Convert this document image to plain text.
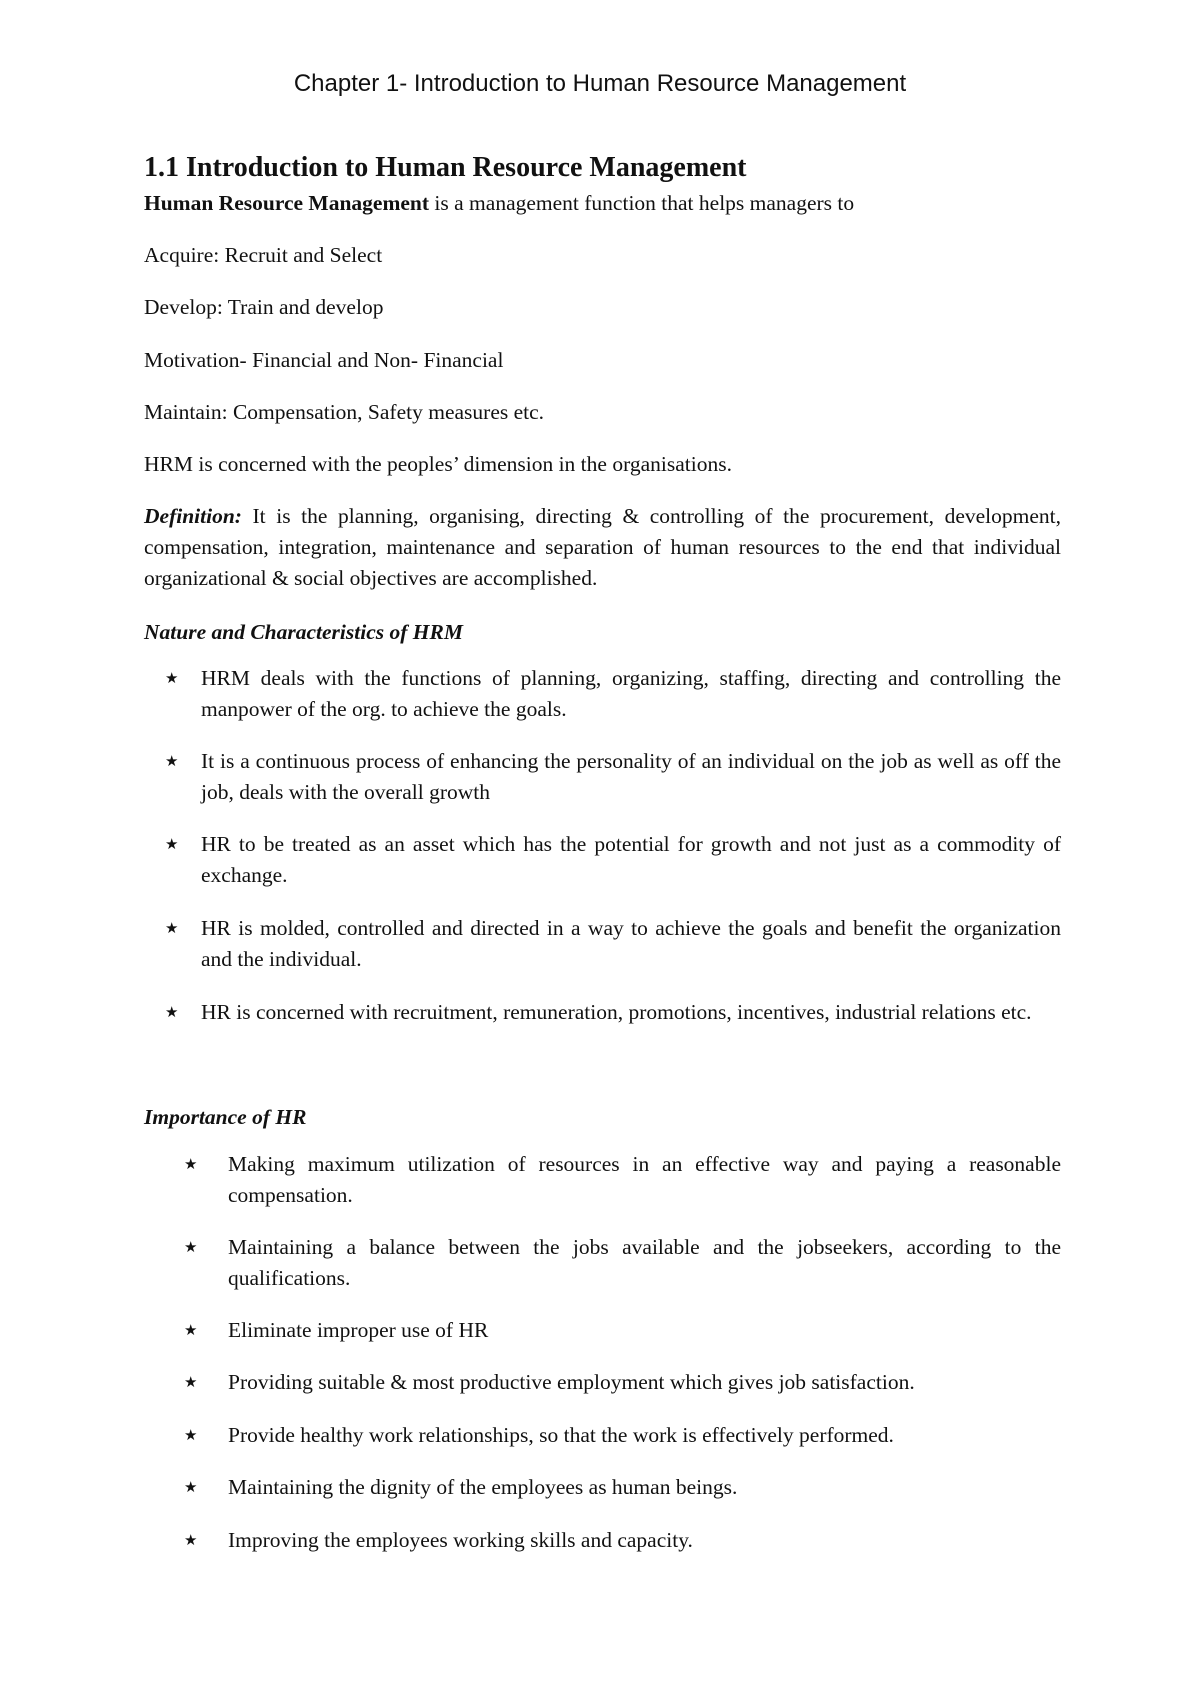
Chapter 1- Introduction to Human Resource Management
1.1 Introduction to Human Resource Management
Human Resource Management is a management function that helps managers to
Acquire: Recruit and Select
Develop: Train and develop
Motivation- Financial and Non- Financial
Maintain: Compensation, Safety measures etc.
HRM is concerned with the peoples’ dimension in the organisations.
Definition: It is the planning, organising, directing & controlling of the procurement, development, compensation, integration, maintenance and separation of human resources to the end that individual organizational & social objectives are accomplished.
Nature and Characteristics of HRM
★	HRM deals with the functions of planning, organizing, staffing, directing and controlling the manpower of the org. to achieve the goals.
★	It is a continuous process of enhancing the personality of an individual on the job as well as off the job, deals with the overall growth
★	HR to be treated as an asset which has the potential for growth and not just as a commodity of exchange.
★	HR is molded, controlled and directed in a way to achieve the goals and benefit the organization and the individual.
★	HR is concerned with recruitment, remuneration, promotions, incentives, industrial relations etc.
Importance of HR
★	Making maximum utilization of resources in an effective way and paying a reasonable compensation.
★	Maintaining a balance between the jobs available and the jobseekers, according to the qualifications.
★	Eliminate improper use of HR
★	Providing suitable & most productive employment which gives job satisfaction.
★	Provide healthy work relationships, so that the work is effectively performed.
★	Maintaining the dignity of the employees as human beings.
★	Improving the employees working skills and capacity.
